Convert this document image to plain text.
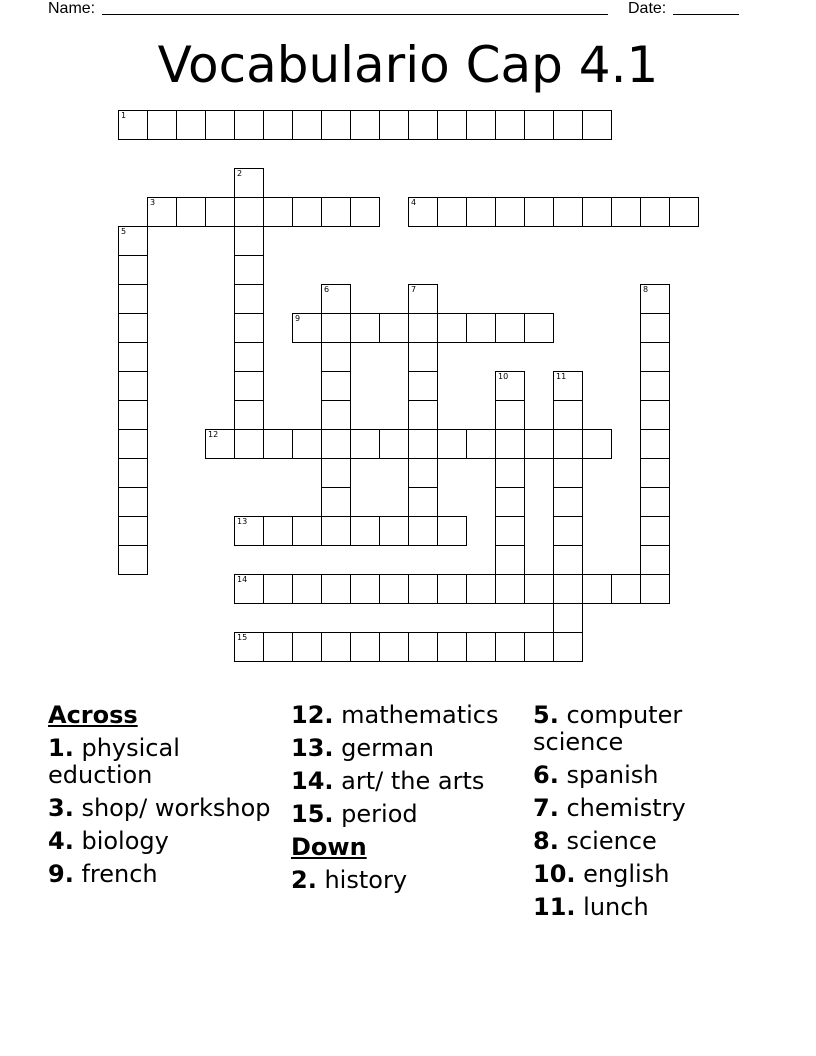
Name:	Date:
Vocabulario Cap 4.1
1
2
3	4
5
6	7	8
9
10	11
12
13
14
15
Across
1. physical eduction
3. shop/ workshop
4. biology
9. french
12. mathematics
13. german
14. art/ the arts
15. period
Down
2. history
5. computer science
6. spanish
7. chemistry
8. science
10. english
11. lunch
